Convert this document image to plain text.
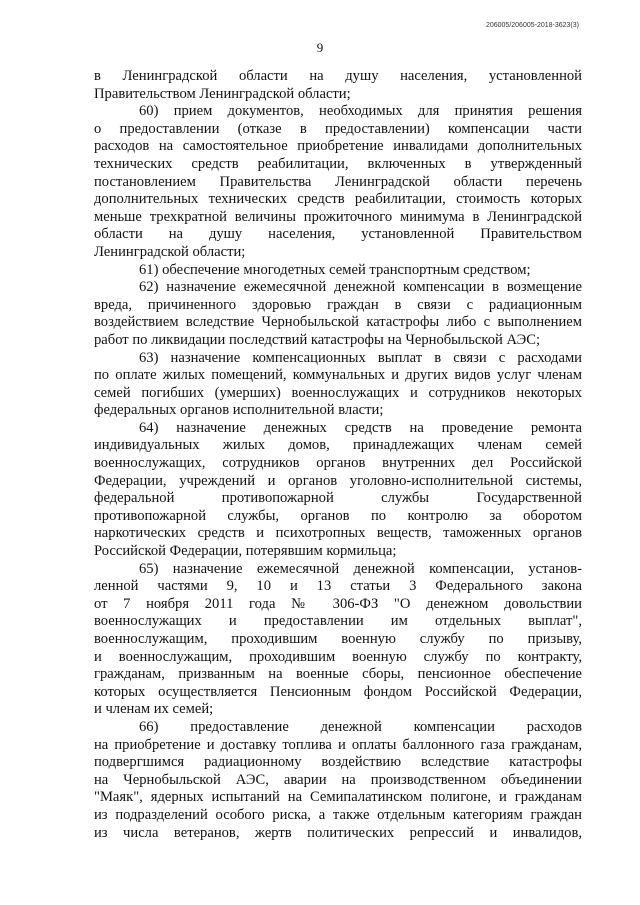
206005/206005-2018-3623(3)
9
в Ленинградской области на душу населения, установленной
Правительством Ленинградской области;
60) прием документов, необходимых для принятия решения
о предоставлении (отказе в предоставлении) компенсации части
расходов на самостоятельное приобретение инвалидами дополнительных
технических средств реабилитации, включенных в утвержденный
постановлением Правительства Ленинградской области перечень
дополнительных технических средств реабилитации, стоимость которых
меньше трехкратной величины прожиточного минимума в Ленинградской
области на душу населения, установленной Правительством
Ленинградской области;
61) обеспечение многодетных семей транспортным средством;
62) назначение ежемесячной денежной компенсации в возмещение
вреда, причиненного здоровью граждан в связи с радиационным
воздействием вследствие Чернобыльской катастрофы либо с выполнением
работ по ликвидации последствий катастрофы на Чернобыльской АЭС;
63) назначение компенсационных выплат в связи с расходами
по оплате жилых помещений, коммунальных и других видов услуг членам
семей погибших (умерших) военнослужащих и сотрудников некоторых
федеральных органов исполнительной власти;
64) назначение денежных средств на проведение ремонта
индивидуальных жилых домов, принадлежащих членам семей
военнослужащих, сотрудников органов внутренних дел Российской
Федерации, учреждений и органов уголовно-исполнительной системы,
федеральной противопожарной службы Государственной
противопожарной службы, органов по контролю за оборотом
наркотических средств и психотропных веществ, таможенных органов
Российской Федерации, потерявшим кормильца;
65) назначение ежемесячной денежной компенсации, установ-
ленной частями 9, 10 и 13 статьи 3 Федерального закона
от 7 ноября 2011 года № 306-ФЗ "О денежном довольствии
военнослужащих и предоставлении им отдельных выплат",
военнослужащим, проходившим военную службу по призыву,
и военнослужащим, проходившим военную службу по контракту,
гражданам, призванным на военные сборы, пенсионное обеспечение
которых осуществляется Пенсионным фондом Российской Федерации,
и членам их семей;
66) предоставление денежной компенсации расходов
на приобретение и доставку топлива и оплаты баллонного газа гражданам,
подвергшимся радиационному воздействию вследствие катастрофы
на Чернобыльской АЭС, аварии на производственном объединении
"Маяк", ядерных испытаний на Семипалатинском полигоне, и гражданам
из подразделений особого риска, а также отдельным категориям граждан
из числа ветеранов, жертв политических репрессий и инвалидов,
